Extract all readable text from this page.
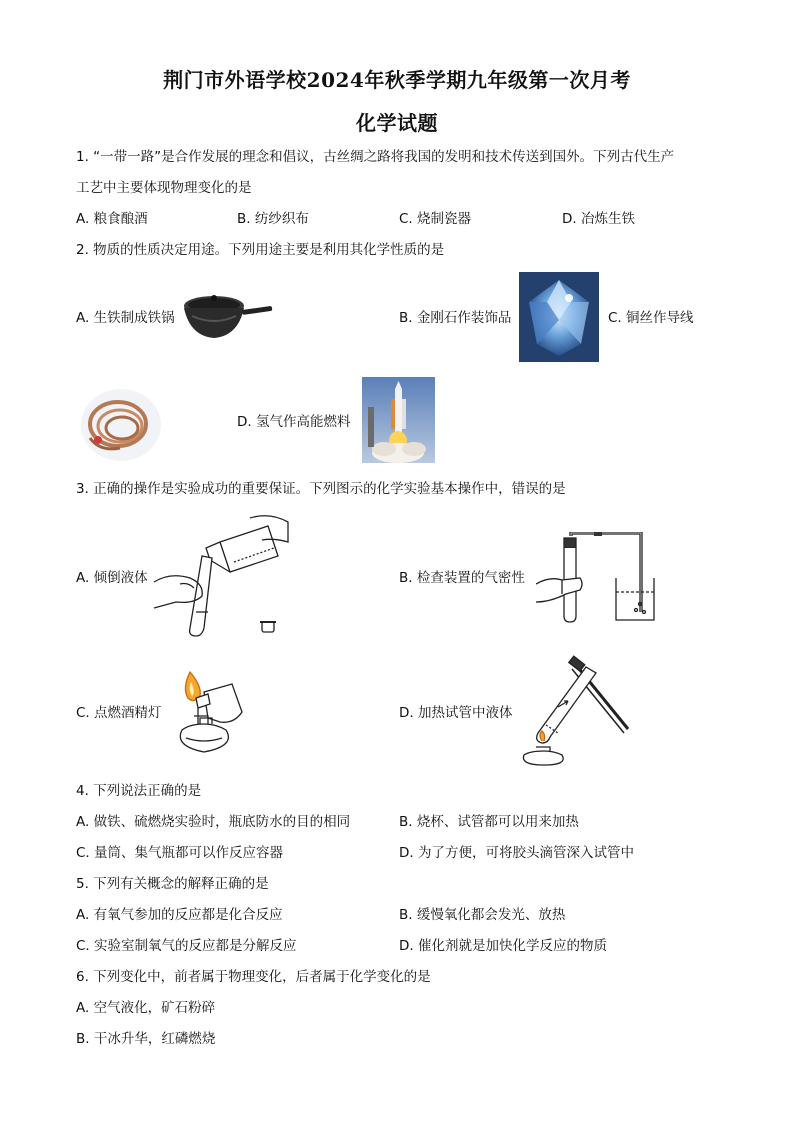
荆门市外语学校2024年秋季学期九年级第一次月考
化学试题
1. “一带一路”是合作发展的理念和倡议，古丝绸之路将我国的发明和技术传送到国外。下列古代生产
工艺中主要体现物理变化的是
A. 粮食酿酒	B. 纺纱织布	C. 烧制瓷器	D. 冶炼生铁
2. 物质的性质决定用途。下列用途主要是利用其化学性质的是
A. 生铁制成铁锅	B. 金刚石作装饰品	C. 铜丝作导线
D. 氢气作高能燃料
3. 正确的操作是实验成功的重要保证。下列图示的化学实验基本操作中，错误的是
A. 倾倒液体	B. 检查装置的气密性
C. 点燃酒精灯	D. 加热试管中液体
4. 下列说法正确的是
A. 做铁、硫燃烧实验时，瓶底防水的目的相同	B. 烧杯、试管都可以用来加热
C. 量筒、集气瓶都可以作反应容器	D. 为了方便，可将胶头滴管深入试管中
5. 下列有关概念的解释正确的是
A. 有氧气参加的反应都是化合反应	B. 缓慢氧化都会发光、放热
C. 实验室制氧气的反应都是分解反应	D. 催化剂就是加快化学反应的物质
6. 下列变化中，前者属于物理变化，后者属于化学变化的是
A. 空气液化，矿石粉碎
B. 干冰升华，红磷燃烧
